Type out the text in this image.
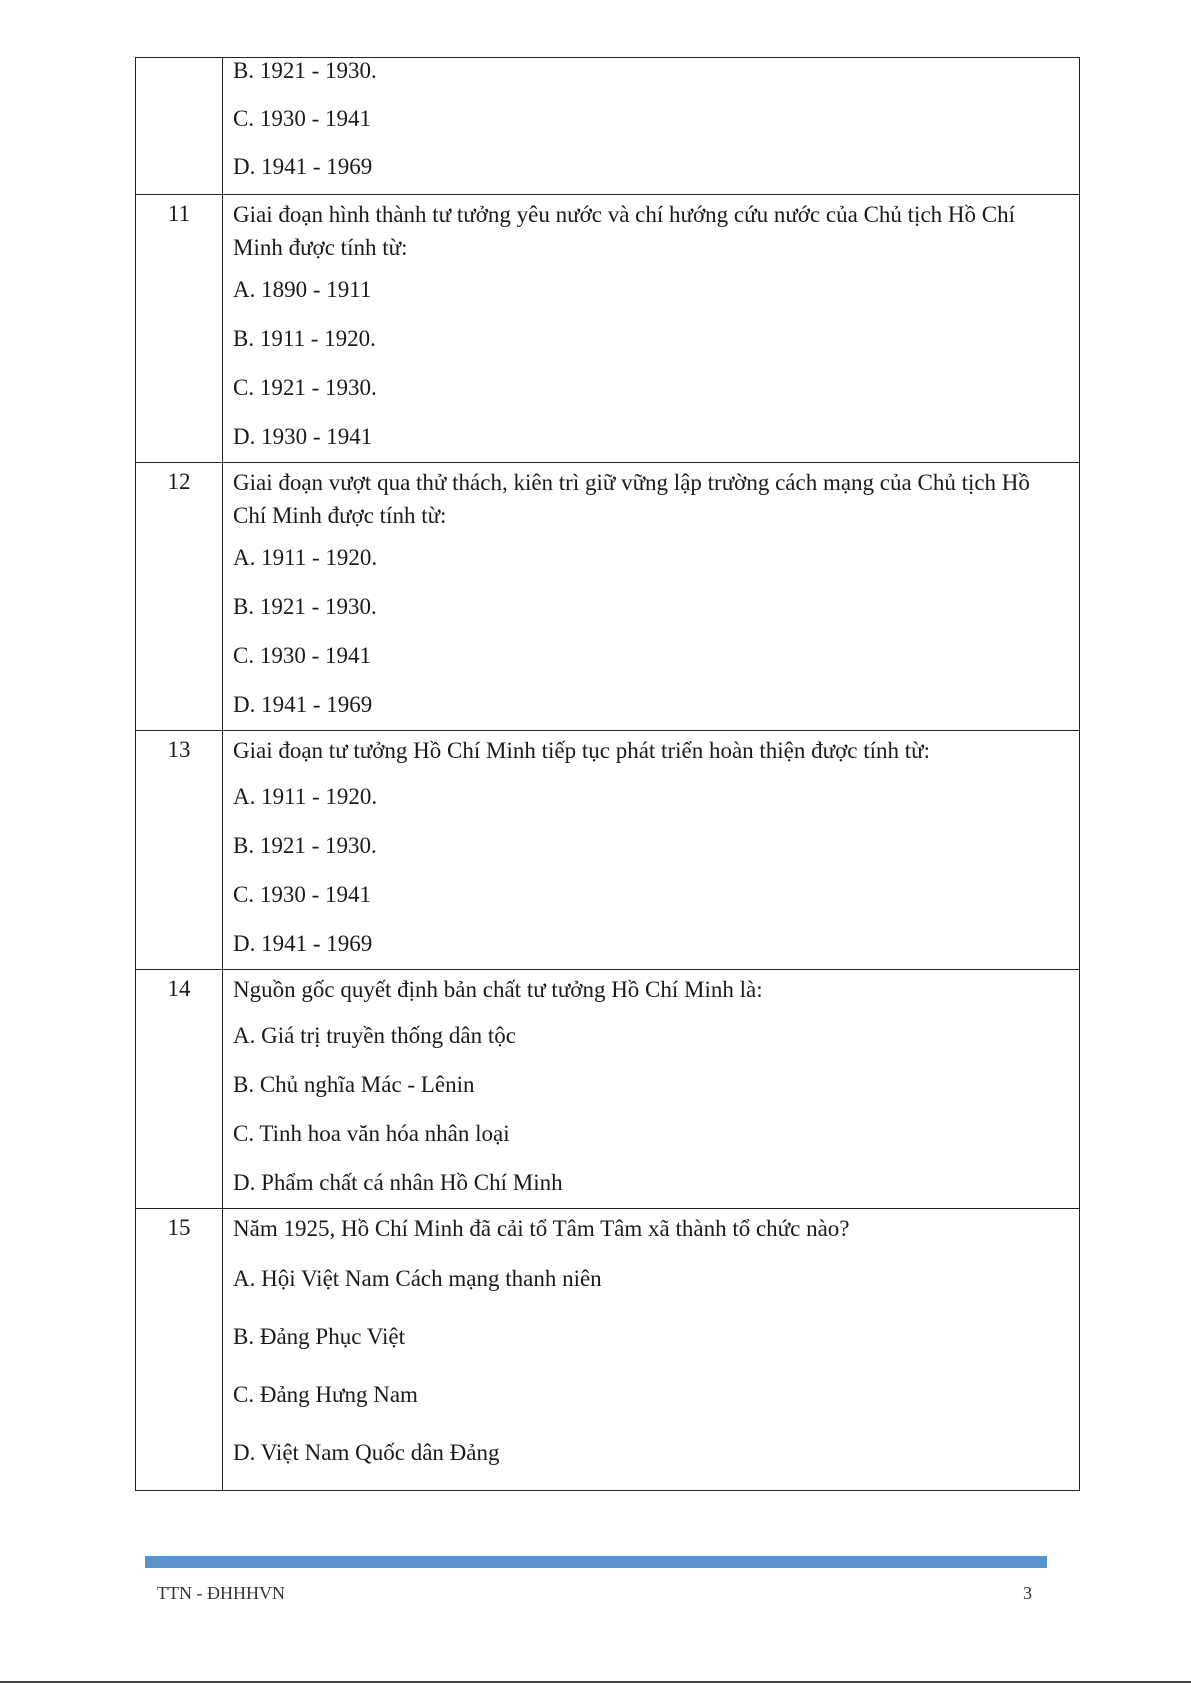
	B. 1921 - 1930.
C. 1930 - 1941
D. 1941 - 1969

11	Giai đoạn hình thành tư tưởng yêu nước và chí hướng cứu nước của Chủ tịch Hồ Chí Minh được tính từ:
A. 1890 - 1911
B. 1911 - 1920.
C. 1921 - 1930.
D. 1930 - 1941

12	Giai đoạn vượt qua thử thách, kiên trì giữ vững lập trường cách mạng của Chủ tịch Hồ Chí Minh được tính từ:
A. 1911 - 1920.
B. 1921 - 1930.
C. 1930 - 1941
D. 1941 - 1969

13	Giai đoạn tư tưởng Hồ Chí Minh tiếp tục phát triển hoàn thiện được tính từ:
A. 1911 - 1920.
B. 1921 - 1930.
C. 1930 - 1941
D. 1941 - 1969

14	Nguồn gốc quyết định bản chất tư tưởng Hồ Chí Minh là:
A. Giá trị truyền thống dân tộc
B. Chủ nghĩa Mác - Lênin
C. Tinh hoa văn hóa nhân loại
D. Phẩm chất cá nhân Hồ Chí Minh

15	Năm 1925, Hồ Chí Minh đã cải tổ Tâm Tâm xã thành tổ chức nào?
A. Hội Việt Nam Cách mạng thanh niên
B. Đảng Phục Việt
C. Đảng Hưng Nam
D. Việt Nam Quốc dân Đảng
TTN - ĐHHHVN	3
